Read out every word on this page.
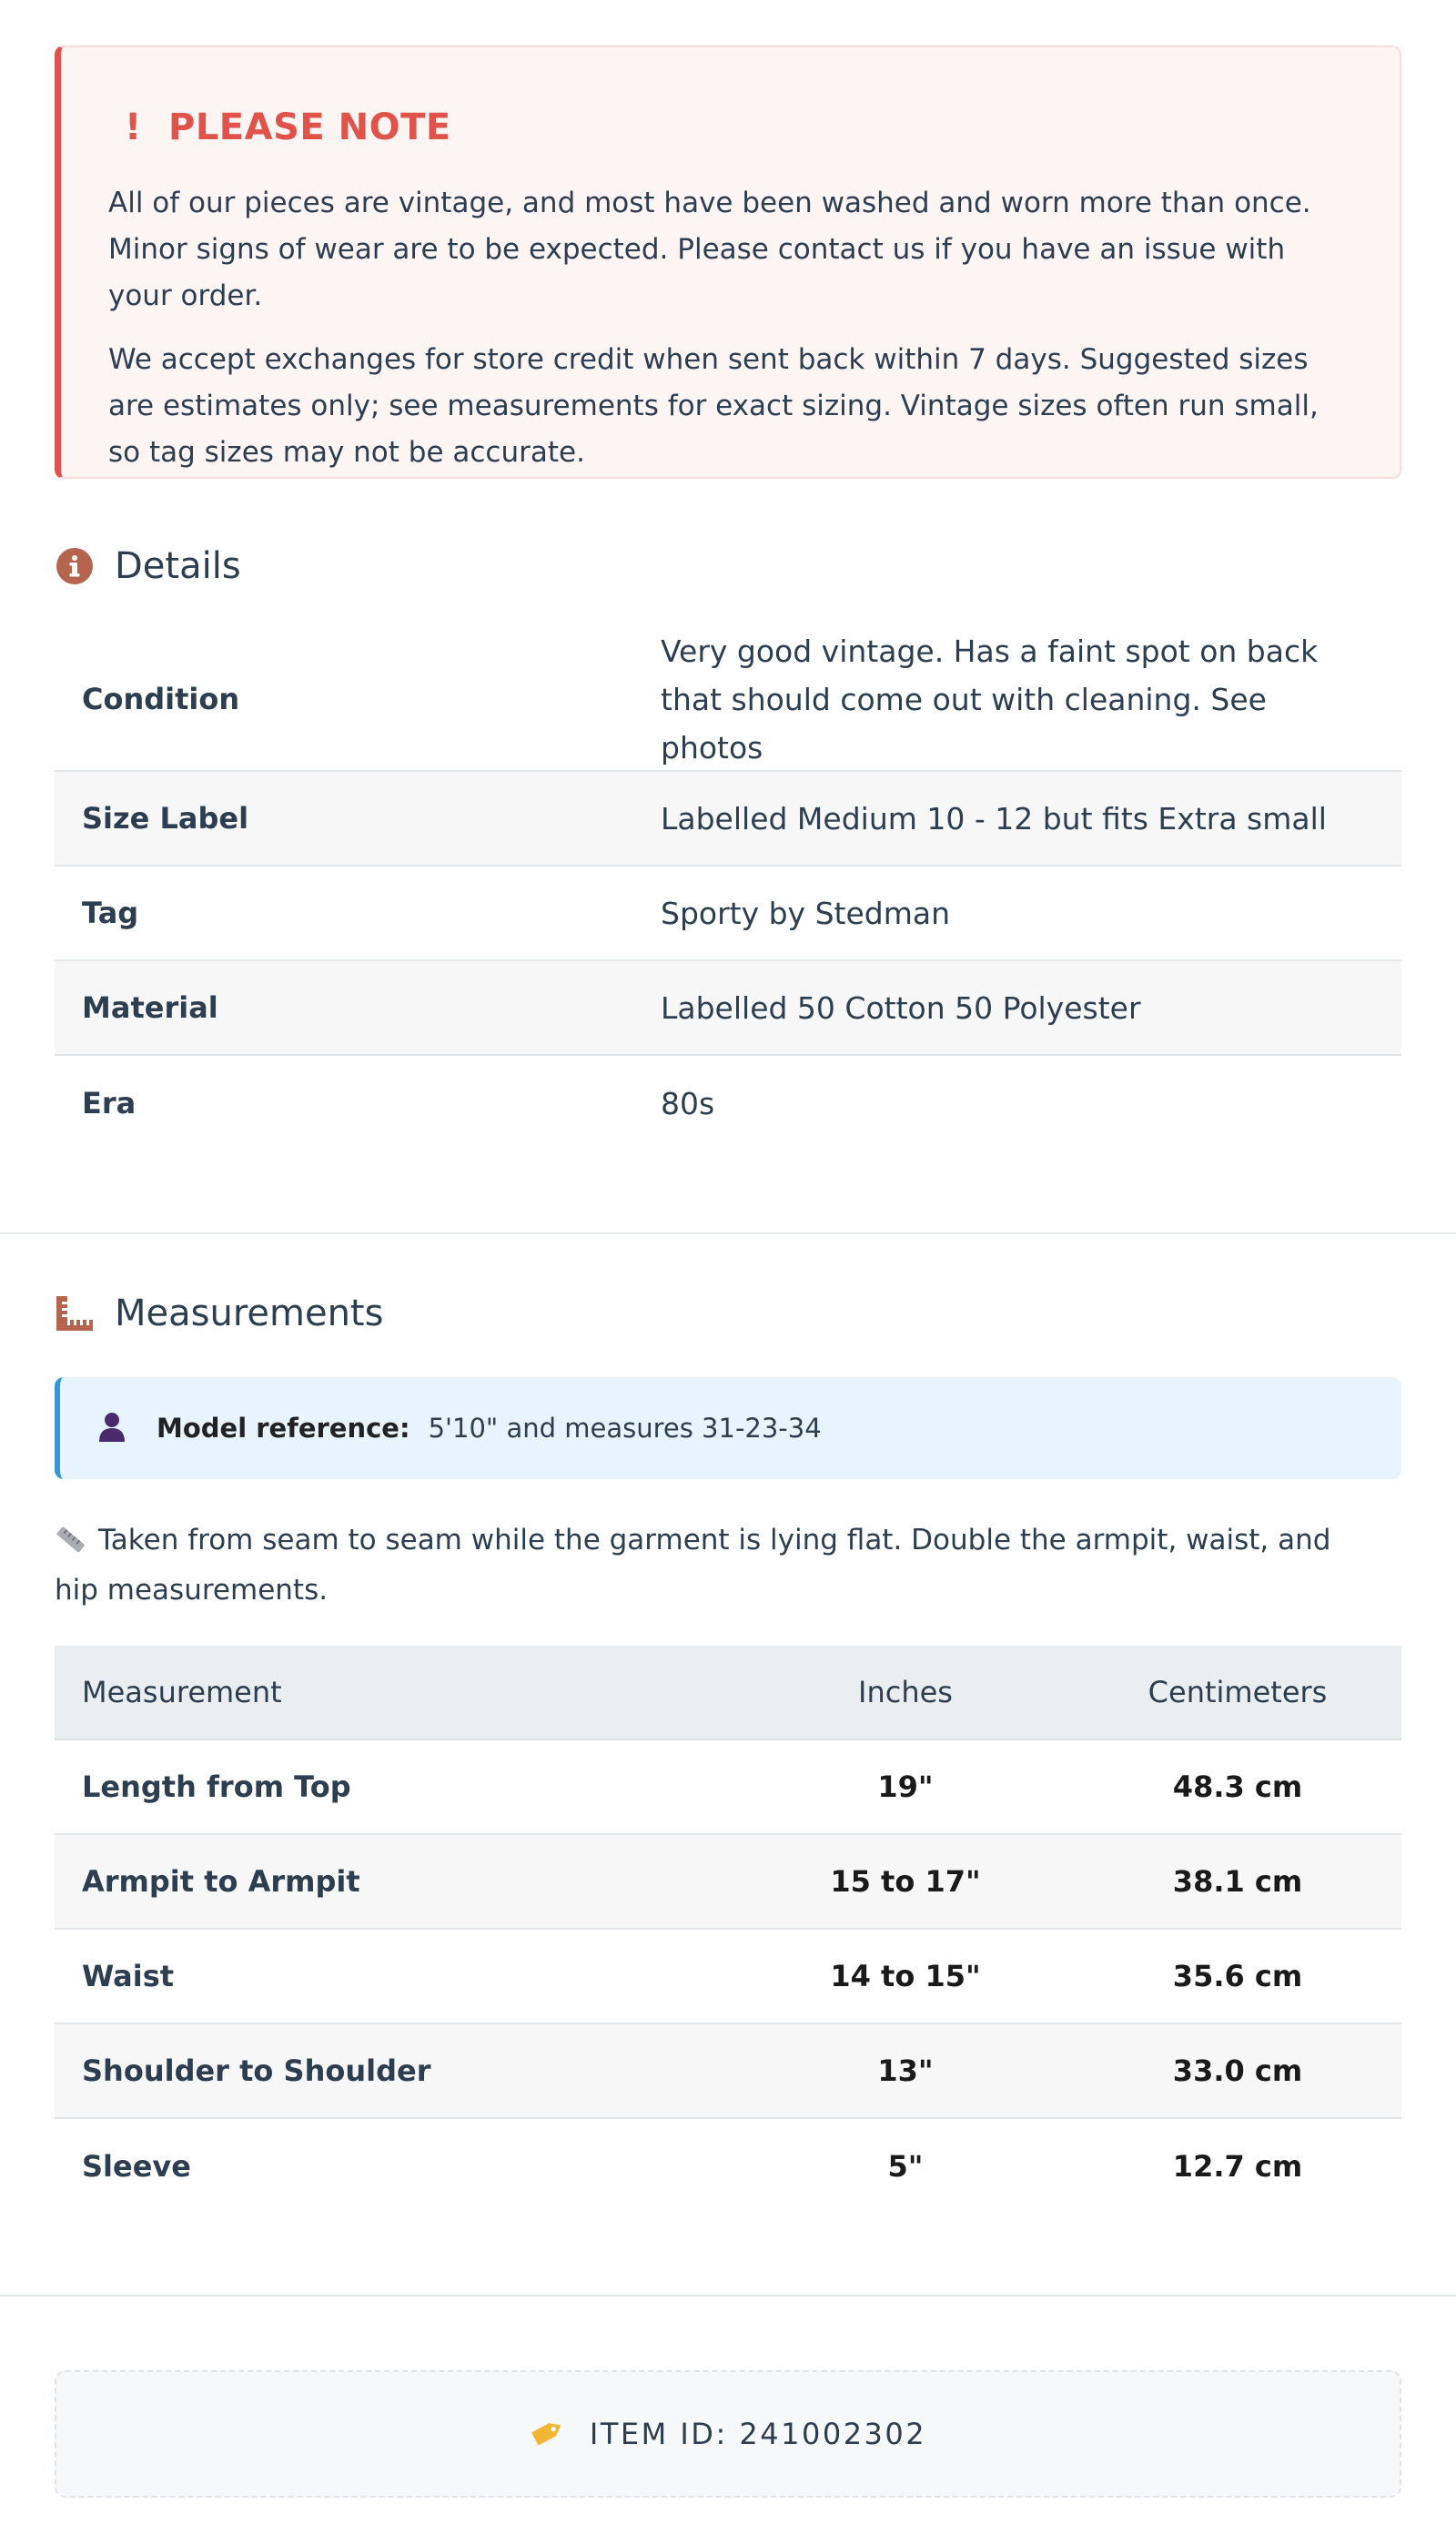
! PLEASE NOTE

All of our pieces are vintage, and most have been washed and worn more than once. Minor signs of wear are to be expected. Please contact us if you have an issue with your order.

We accept exchanges for store credit when sent back within 7 days. Suggested sizes are estimates only; see measurements for exact sizing. Vintage sizes often run small, so tag sizes may not be accurate.

Details
Condition
Very good vintage. Has a faint spot on back that should come out with cleaning. See photos
Size Label	Labelled Medium 10 - 12 but fits Extra small
Tag	Sporty by Stedman
Material	Labelled 50 Cotton 50 Polyester
Era	80s
Measurements
Model reference: 5'10" and measures 31-23-34
Taken from seam to seam while the garment is lying flat. Double the armpit, waist, and hip measurements.
Measurement	Inches	Centimeters
Length from Top	19"	48.3 cm
Armpit to Armpit	15 to 17"	38.1 cm
Waist	14 to 15"	35.6 cm
Shoulder to Shoulder	13"	33.0 cm
Sleeve	5"	12.7 cm
ITEM ID: 241002302
